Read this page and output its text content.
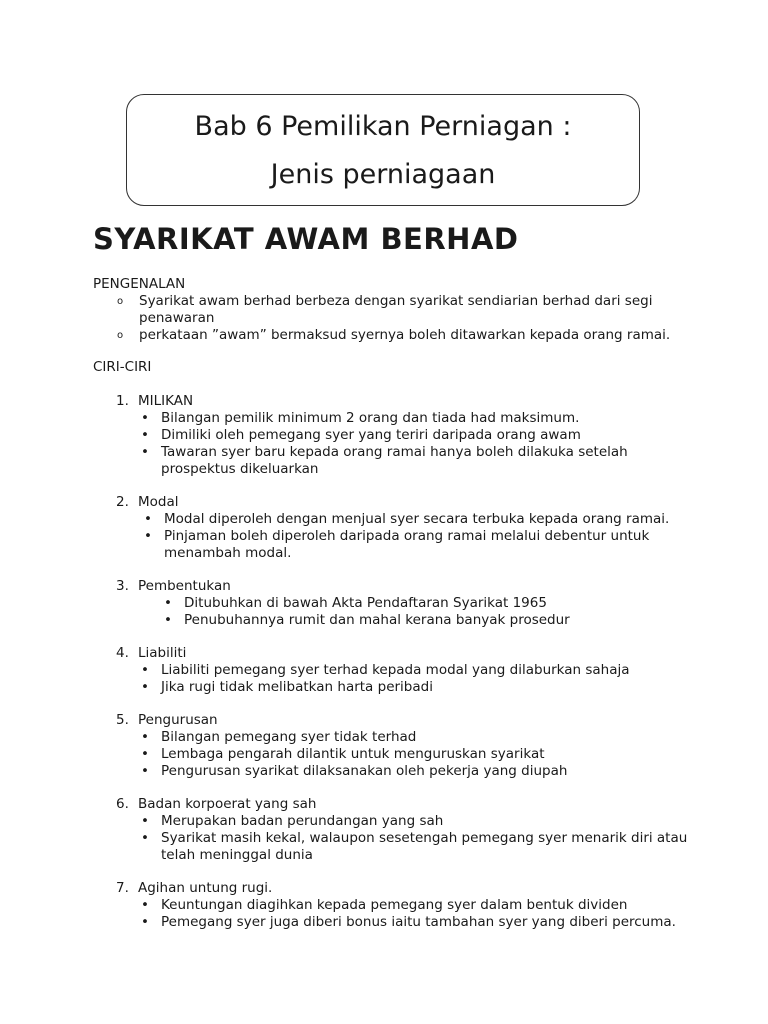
Bab 6 Pemilikan Perniagan :
Jenis perniagaan
SYARIKAT AWAM BERHAD
PENGENALAN
o Syarikat awam berhad berbeza dengan syarikat sendiarian berhad dari segi penawaran
o perkataan ”awam” bermaksud syernya boleh ditawarkan kepada orang ramai.
CIRI-CIRI
1. MILIKAN
• Bilangan pemilik minimum 2 orang dan tiada had maksimum.
• Dimiliki oleh pemegang syer yang teriri daripada orang awam
• Tawaran syer baru kepada orang ramai hanya boleh dilakuka setelah prospektus dikeluarkan
2. Modal
• Modal diperoleh dengan menjual syer secara terbuka kepada orang ramai.
• Pinjaman boleh diperoleh daripada orang ramai melalui debentur untuk menambah modal.
3. Pembentukan
• Ditubuhkan di bawah Akta Pendaftaran Syarikat 1965
• Penubuhannya rumit dan mahal kerana banyak prosedur
4. Liabiliti
• Liabiliti pemegang syer terhad kepada modal yang dilaburkan sahaja
• Jika rugi tidak melibatkan harta peribadi
5. Pengurusan
• Bilangan pemegang syer tidak terhad
• Lembaga pengarah dilantik untuk menguruskan syarikat
• Pengurusan syarikat dilaksanakan oleh pekerja yang diupah
6. Badan korpoerat yang sah
• Merupakan badan perundangan yang sah
• Syarikat masih kekal, walaupon sesetengah pemegang syer menarik diri atau telah meninggal dunia
7. Agihan untung rugi.
• Keuntungan diagihkan kepada pemegang syer dalam bentuk dividen
• Pemegang syer juga diberi bonus iaitu tambahan syer yang diberi percuma.
